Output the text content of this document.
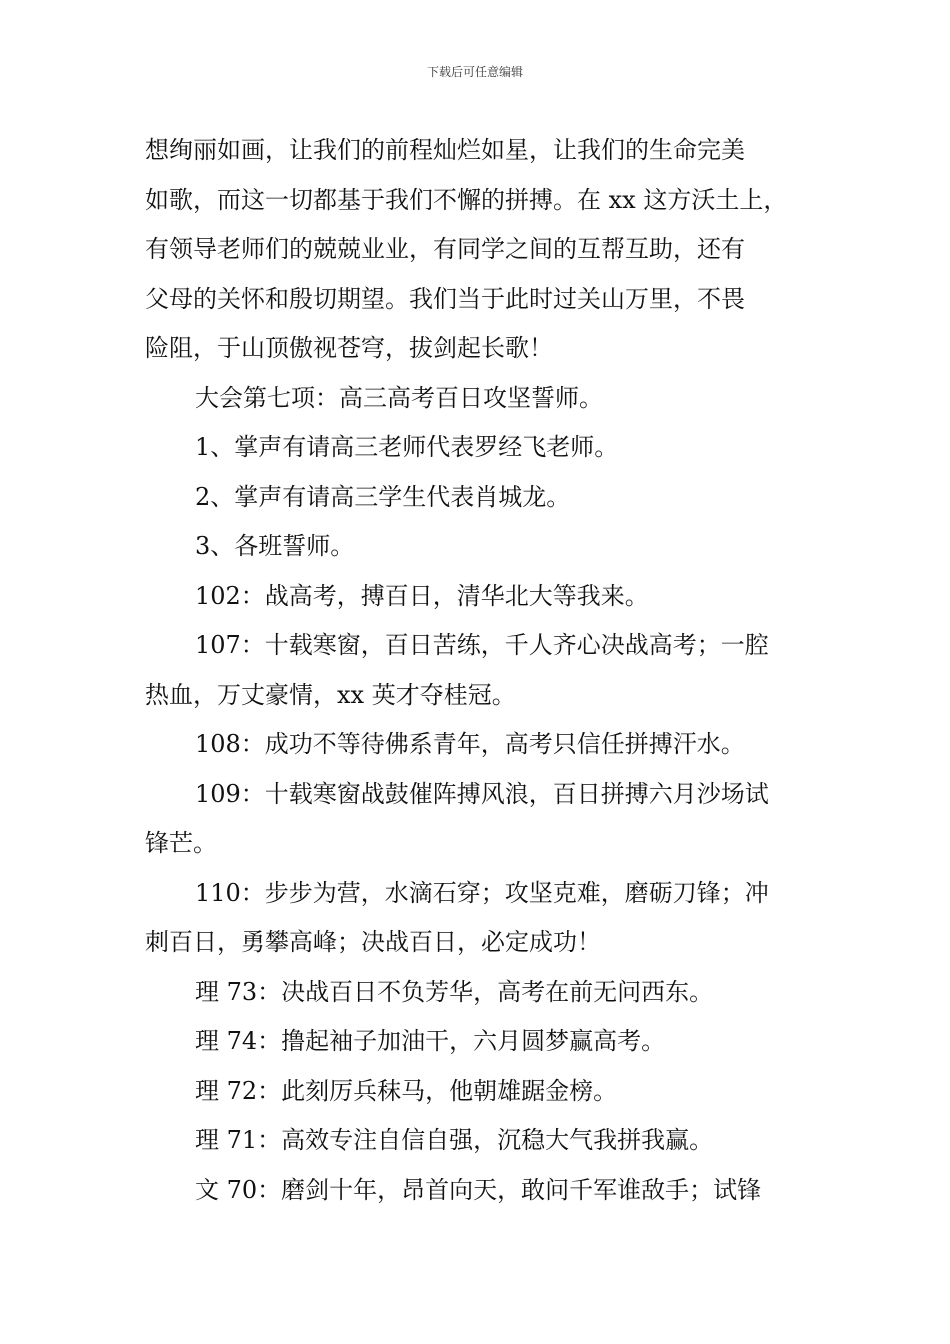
下载后可任意编辑

想绚丽如画，让我们的前程灿烂如星，让我们的生命完美

如歌，而这一切都基于我们不懈的拼搏。在 xx 这方沃土上，

有领导老师们的兢兢业业，有同学之间的互帮互助，还有

父母的关怀和殷切期望。我们当于此时过关山万里，不畏

险阻，于山顶傲视苍穹，拔剑起长歌！

大会第七项：高三高考百日攻坚誓师。

1、掌声有请高三老师代表罗经飞老师。

2、掌声有请高三学生代表肖城龙。

3、各班誓师。

102：战高考，搏百日，清华北大等我来。

107：十载寒窗，百日苦练，千人齐心决战高考；一腔

热血，万丈豪情，xx 英才夺桂冠。

108：成功不等待佛系青年，高考只信任拼搏汗水。

109：十载寒窗战鼓催阵搏风浪，百日拼搏六月沙场试

锋芒。

110：步步为营，水滴石穿；攻坚克难，磨砺刀锋；冲

刺百日，勇攀高峰；决战百日，必定成功！

理 73：决战百日不负芳华，高考在前无问西东。

理 74：撸起袖子加油干，六月圆梦赢高考。

理 72：此刻厉兵秣马，他朝雄踞金榜。

理 71：高效专注自信自强，沉稳大气我拼我赢。

文 70：磨剑十年，昂首向天，敢问千军谁敌手；试锋
